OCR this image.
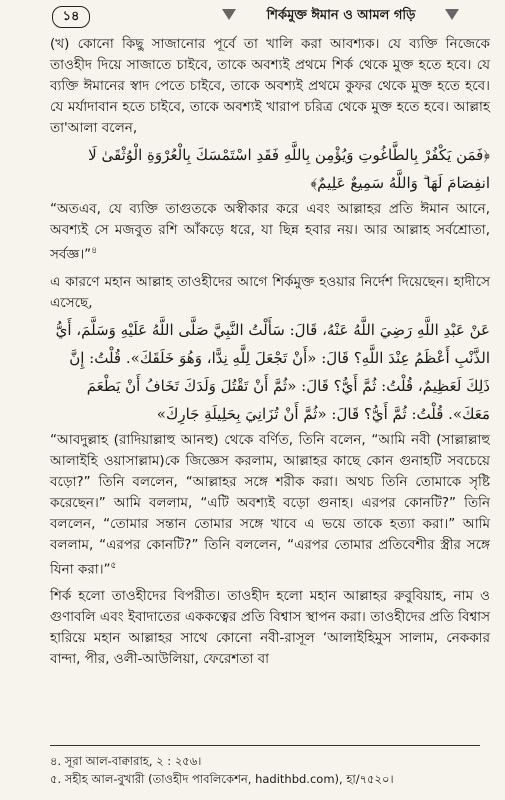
১৪	শির্কমুক্ত ঈমান ও আমল গড়ি

(খ) কোনো কিছু সাজানোর পূর্বে তা খালি করা আবশ্যক। যে ব্যক্তি নিজেকে তাওহীদ দিয়ে সাজাতে চাইবে, তাকে অবশ্যই প্রথমে শির্ক থেকে মুক্ত হতে হবে। যে ব্যক্তি ঈমানের স্বাদ পেতে চাইবে, তাকে অবশ্যই প্রথমে কুফর থেকে মুক্ত হতে হবে। যে মর্যাদাবান হতে চাইবে, তাকে অবশ্যই খারাপ চরিত্র থেকে মুক্ত হতে হবে। আল্লাহ তা'আলা বলেন,

﴿فَمَن يَكْفُرْ بِالطَّاغُوتِ وَيُؤْمِن بِاللَّهِ فَقَدِ اسْتَمْسَكَ بِالْعُرْوَةِ الْوُثْقَىٰ لَا انفِصَامَ لَهَا ۗ وَاللَّهُ سَمِيعٌ عَلِيمٌ﴾

“অতএব, যে ব্যক্তি তাগুতকে অস্বীকার করে এবং আল্লাহর প্রতি ঈমান আনে, অবশ্যই সে মজবুত রশি আঁকড়ে ধরে, যা ছিন্ন হবার নয়। আর আল্লাহ সর্বশ্রোতা, সর্বজ্ঞ।”$^৪$

এ কারণে মহান আল্লাহ তাওহীদের আগে শির্কমুক্ত হওয়ার নির্দেশ দিয়েছেন। হাদীসে এসেছে,

عَنْ عَبْدِ اللَّهِ رَضِيَ اللَّهُ عَنْهُ، قَالَ: سَأَلْتُ النَّبِيَّ صَلَّى اللَّهُ عَلَيْهِ وَسَلَّمَ، أَيُّ الذَّنْبِ أَعْظَمُ عِنْدَ اللَّهِ؟ قَالَ: «أَنْ تَجْعَلَ لِلَّهِ نِدًّا، وَهُوَ خَلَقَكَ». قُلْتُ: إِنَّ ذَلِكَ لَعَظِيمٌ، قُلْتُ: ثُمَّ أَيُّ؟ قَالَ: «ثُمَّ أَنْ تَقْتُلَ وَلَدَكَ تَخَافُ أَنْ يَطْعَمَ مَعَكَ». قُلْتُ: ثُمَّ أَيُّ؟ قَالَ: «ثُمَّ أَنْ تُزَانِيَ بِحَلِيلَةِ جَارِكَ»

“আবদুল্লাহ (রাদিয়াল্লাহু আনহু) থেকে বর্ণিত, তিনি বলেন, “আমি নবী (সাল্লাল্লাহু আলাইহি ওয়াসাল্লাম)কে জিজ্ঞেস করলাম, আল্লাহর কাছে কোন গুনাহটি সবচেয়ে বড়ো?” তিনি বললেন, “আল্লাহর সঙ্গে শরীক করা। অথচ তিনি তোমাকে সৃষ্টি করেছেন।” আমি বললাম, “এটি অবশ্যই বড়ো গুনাহ। এরপর কোনটি?” তিনি বললেন, “তোমার সন্তান তোমার সঙ্গে খাবে এ ভয়ে তাকে হত্যা করা।” আমি বললাম, “এরপর কোনটি?” তিনি বললেন, “এরপর তোমার প্রতিবেশীর স্ত্রীর সঙ্গে যিনা করা।”$^৫$

শির্ক হলো তাওহীদের বিপরীত। তাওহীদ হলো মহান আল্লাহর রুবুবিয়াহ, নাম ও গুণাবলি এবং ইবাদাতের এককত্বের প্রতি বিশ্বাস স্থাপন করা। তাওহীদের প্রতি বিশ্বাস হারিয়ে মহান আল্লাহর সাথে কোনো নবী-রাসূল ‘আলাইহিমুস সালাম, নেককার বান্দা, পীর, ওলী-আউলিয়া, ফেরেশতা বা

৪. সূরা আল-বাক্বারাহ, ২ : ২৫৬।
৫. সহীহ আল-বুখারী (তাওহীদ পাবলিকেশন, hadithbd.com), হা/৭৫২০।
